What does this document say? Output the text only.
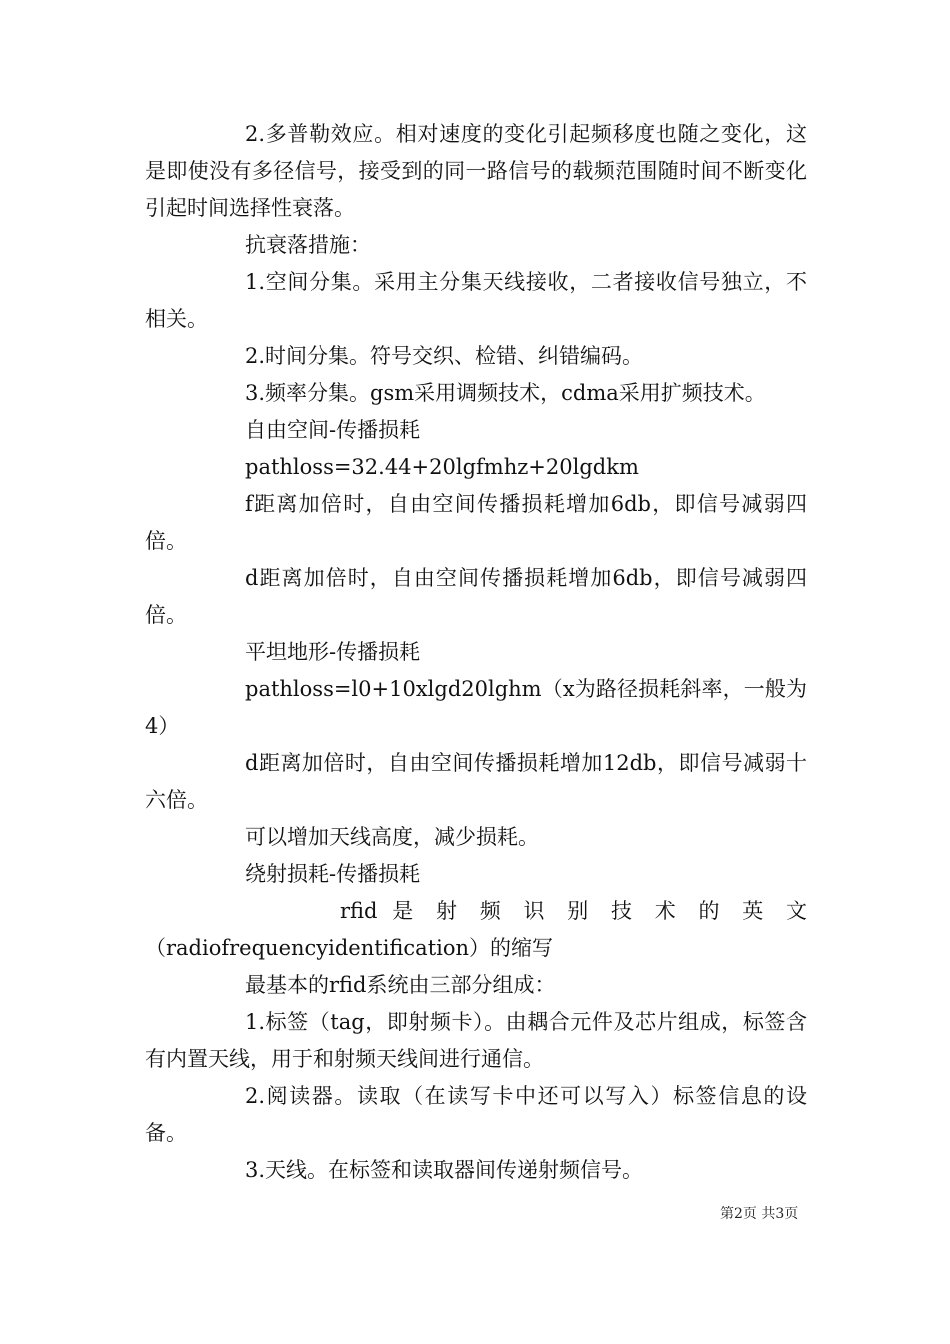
2.多普勒效应。相对速度的变化引起频移度也随之变化，这是即使没有多径信号，接受到的同一路信号的载频范围随时间不断变化引起时间选择性衰落。

抗衰落措施：

1.空间分集。采用主分集天线接收，二者接收信号独立，不相关。

2.时间分集。符号交织、检错、纠错编码。

3.频率分集。gsm采用调频技术，cdma采用扩频技术。

自由空间-传播损耗

pathloss=32.44+20lgfmhz+20lgdkm

f距离加倍时，自由空间传播损耗增加6db，即信号减弱四倍。

d距离加倍时，自由空间传播损耗增加6db，即信号减弱四倍。

平坦地形-传播损耗

pathloss=l0+10xlgd20lghm（x为路径损耗斜率，一般为4）

d距离加倍时，自由空间传播损耗增加12db，即信号减弱十六倍。

可以增加天线高度，减少损耗。

绕射损耗-传播损耗

rfid 是 射 频 识 别 技 术 的 英 文

（radiofrequencyidentification）的缩写

最基本的rfid系统由三部分组成：

1.标签（tag，即射频卡）。由耦合元件及芯片组成，标签含有内置天线，用于和射频天线间进行通信。

2.阅读器。读取（在读写卡中还可以写入）标签信息的设备。

3.天线。在标签和读取器间传递射频信号。

第2页 共3页
